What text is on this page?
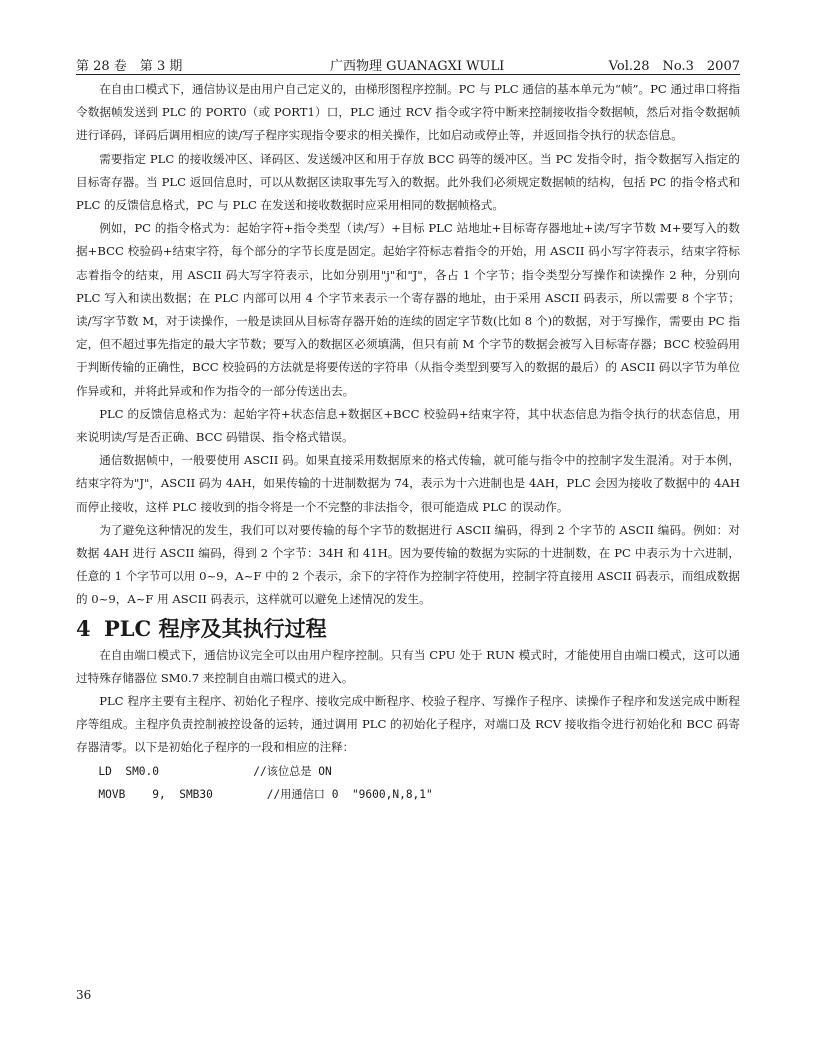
第 28 卷　第 3 期	广西物理 GUANAGXI WULI	Vol.28　No.3　2007

在自由口模式下，通信协议是由用户自己定义的，由梯形图程序控制。PC 与 PLC 通信的基本单元为“帧”。PC 通过串口将指令数据帧发送到 PLC 的 PORT0（或 PORT1）口，PLC 通过 RCV 指令或字符中断来控制接收指令数据帧，然后对指令数据帧进行译码，译码后调用相应的读/写子程序实现指令要求的相关操作，比如启动或停止等，并返回指令执行的状态信息。

需要指定 PLC 的接收缓冲区、译码区、发送缓冲区和用于存放 BCC 码等的缓冲区。当 PC 发指令时，指令数据写入指定的目标寄存器。当 PLC 返回信息时，可以从数据区读取事先写入的数据。此外我们必须规定数据帧的结构，包括 PC 的指令格式和 PLC 的反馈信息格式，PC 与 PLC 在发送和接收数据时应采用相同的数据帧格式。

例如，PC 的指令格式为：起始字符+指令类型（读/写）+目标 PLC 站地址+目标寄存器地址+读/写字节数 M+要写入的数据+BCC 校验码+结束字符，每个部分的字节长度是固定。起始字符标志着指令的开始，用 ASCII 码小写字符表示，结束字符标志着指令的结束，用 ASCII 码大写字符表示，比如分别用"j"和"J"，各占 1 个字节；指令类型分写操作和读操作 2 种，分别向 PLC 写入和读出数据；在 PLC 内部可以用 4 个字节来表示一个寄存器的地址，由于采用 ASCII 码表示，所以需要 8 个字节；读/写字节数 M，对于读操作，一般是读回从目标寄存器开始的连续的固定字节数(比如 8 个)的数据，对于写操作，需要由 PC 指定，但不超过事先指定的最大字节数；要写入的数据区必须填满，但只有前 M 个字节的数据会被写入目标寄存器；BCC 校验码用于判断传输的正确性，BCC 校验码的方法就是将要传送的字符串（从指令类型到要写入的数据的最后）的 ASCII 码以字节为单位作异或和，并将此异或和作为指令的一部分传送出去。

PLC 的反馈信息格式为：起始字符+状态信息+数据区+BCC 校验码+结束字符，其中状态信息为指令执行的状态信息，用来说明读/写是否正确、BCC 码错误、指令格式错误。

通信数据帧中，一般要使用 ASCII 码。如果直接采用数据原来的格式传输，就可能与指令中的控制字发生混淆。对于本例，结束字符为"J"，ASCII 码为 4AH，如果传输的十进制数据为 74，表示为十六进制也是 4AH，PLC 会因为接收了数据中的 4AH 而停止接收，这样 PLC 接收到的指令将是一个不完整的非法指令，很可能造成 PLC 的误动作。

为了避免这种情况的发生，我们可以对要传输的每个字节的数据进行 ASCII 编码，得到 2 个字节的 ASCII 编码。例如：对数据 4AH 进行 ASCII 编码，得到 2 个字节：34H 和 41H。因为要传输的数据为实际的十进制数，在 PC 中表示为十六进制，任意的 1 个字节可以用 0~9，A~F 中的 2 个表示，余下的字符作为控制字符使用，控制字符直接用 ASCII 码表示，而组成数据的 0~9，A~F 用 ASCII 码表示，这样就可以避免上述情况的发生。

4 PLC 程序及其执行过程

在自由端口模式下，通信协议完全可以由用户程序控制。只有当 CPU 处于 RUN 模式时，才能使用自由端口模式，这可以通过特殊存储器位 SM0.7 来控制自由端口模式的进入。

PLC 程序主要有主程序、初始化子程序、接收完成中断程序、校验子程序、写操作子程序、读操作子程序和发送完成中断程序等组成。主程序负责控制被控设备的运转，通过调用 PLC 的初始化子程序，对端口及 RCV 接收指令进行初始化和 BCC 码寄存器清零。以下是初始化子程序的一段和相应的注释：

LD  SM0.0              //该位总是 ON
MOVB    9,  SMB30        //用通信口 0  "9600,N,8,1"
36
